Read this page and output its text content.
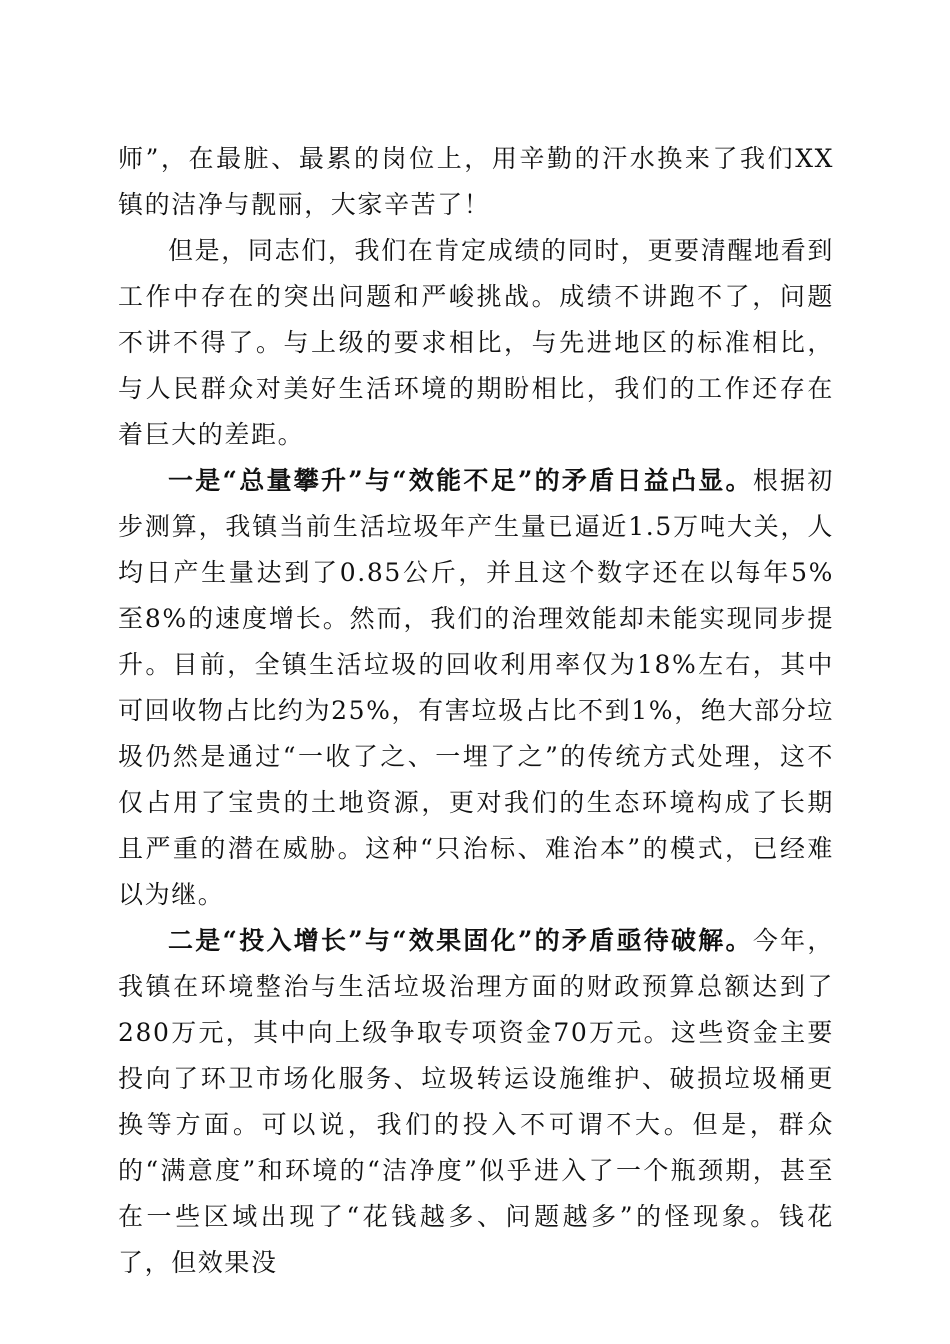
师”，在最脏、最累的岗位上，用辛勤的汗水换来了我们XX镇的洁净与靓丽，大家辛苦了！

但是，同志们，我们在肯定成绩的同时，更要清醒地看到工作中存在的突出问题和严峻挑战。成绩不讲跑不了，问题不讲不得了。与上级的要求相比，与先进地区的标准相比，与人民群众对美好生活环境的期盼相比，我们的工作还存在着巨大的差距。

一是“总量攀升”与“效能不足”的矛盾日益凸显。根据初步测算，我镇当前生活垃圾年产生量已逼近1.5万吨大关，人均日产生量达到了0.85公斤，并且这个数字还在以每年5%至8%的速度增长。然而，我们的治理效能却未能实现同步提升。目前，全镇生活垃圾的回收利用率仅为18%左右，其中可回收物占比约为25%，有害垃圾占比不到1%，绝大部分垃圾仍然是通过“一收了之、一埋了之”的传统方式处理，这不仅占用了宝贵的土地资源，更对我们的生态环境构成了长期且严重的潜在威胁。这种“只治标、难治本”的模式，已经难以为继。

二是“投入增长”与“效果固化”的矛盾亟待破解。今年，我镇在环境整治与生活垃圾治理方面的财政预算总额达到了280万元，其中向上级争取专项资金70万元。这些资金主要投向了环卫市场化服务、垃圾转运设施维护、破损垃圾桶更换等方面。可以说，我们的投入不可谓不大。但是，群众的“满意度”和环境的“洁净度”似乎进入了一个瓶颈期，甚至在一些区域出现了“花钱越多、问题越多”的怪现象。钱花了，但效果没
